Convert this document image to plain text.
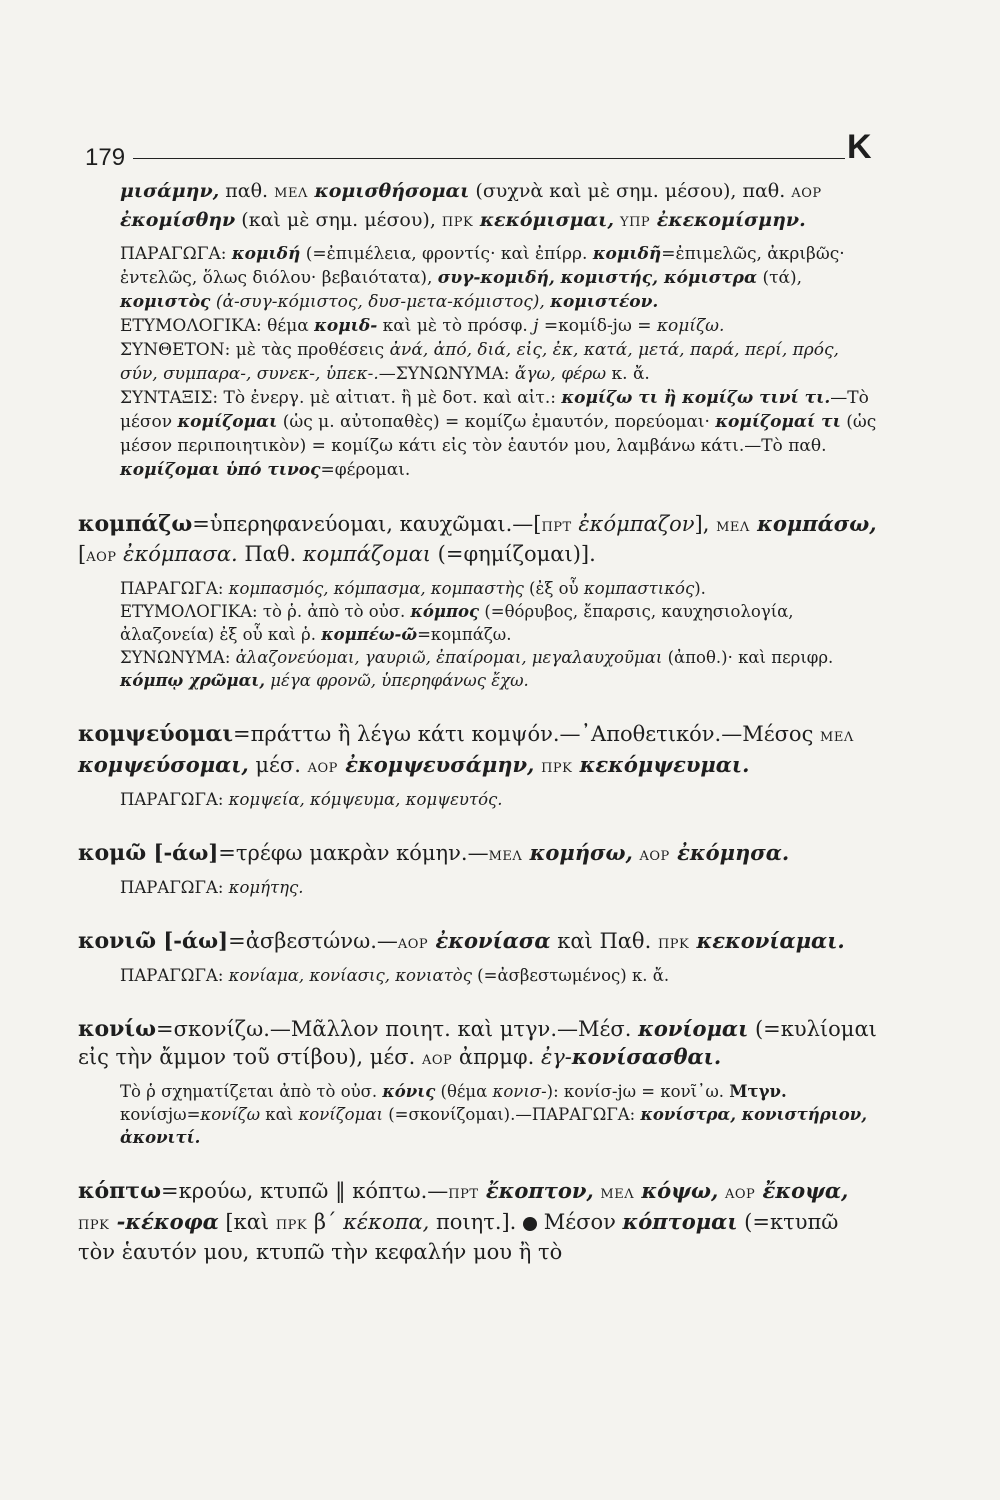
179	K

μισάμην, παθ. ΜΕΛ κομισθήσομαι (συχνὰ καὶ μὲ σημ. μέσου), παθ. ΑΟΡ ἐκομίσθην (καὶ μὲ σημ. μέσου), ΠΡΚ κεκόμισμαι, ΥΠΡ ἐκεκομίσμην.

ΠΑΡΑΓΩΓΑ: κομιδή (=ἐπιμέλεια, φροντίς· καὶ ἐπίρρ. κομιδῆ=ἐπιμελῶς, ἀκριβῶς· ἐντελῶς, ὅλως διόλου· βεβαιότατα), συγ-κομιδή, κομιστής, κόμιστρα (τά), κομιστὸς (ἀ-συγ-κόμιστος, δυσ-μετα-κόμιστος), κομιστέον.

ΕΤΥΜΟΛΟΓΙΚΑ: θέμα κομιδ- καὶ μὲ τὸ πρόσφ. j =κομίδ-jω = κομίζω.

ΣΥΝΘΕΤΟΝ: μὲ τὰς προθέσεις ἀνά, ἀπό, διά, εἰς, ἐκ, κατά, μετά, παρά, περί, πρός, σύν, συμπαρα-, συνεκ-, ὑπεκ-.—ΣΥΝΩΝΥΜΑ: ἄγω, φέρω κ. ἄ.

ΣΥΝΤΑΞΙΣ: Τὸ ἐνεργ. μὲ αἰτιατ. ἢ μὲ δοτ. καὶ αἰτ.: κομίζω τι ἢ κομίζω τινί τι.—Τὸ μέσον κομίζομαι (ὡς μ. αὐτοπαθὲς) = κομίζω ἐμαυτόν, πορεύομαι· κομίζομαί τι (ὡς μέσον περιποιητικὸν) = κομίζω κάτι εἰς τὸν ἑαυτόν μου, λαμβάνω κάτι.—Τὸ παθ. κομίζομαι ὑπό τινος=φέρομαι.

κομπάζω=ὑπερηφανεύομαι, καυχῶμαι.—[ΠΡΤ ἐκόμπαζον], ΜΕΛ κομπάσω, [ΑΟΡ ἐκόμπασα. Παθ. κομπάζομαι (=φημίζομαι)].

ΠΑΡΑΓΩΓΑ: κομπασμός, κόμπασμα, κομπαστὴς (ἐξ οὗ κομπαστικός).

ΕΤΥΜΟΛΟΓΙΚΑ: τὸ ῥ. ἀπὸ τὸ οὐσ. κόμπος (=θόρυβος, ἔπαρσις, καυχησιολογία, ἀλαζονεία) ἐξ οὗ καὶ ῥ. κομπέω-ῶ=κομπάζω.

ΣΥΝΩΝΥΜΑ: ἀλαζονεύομαι, γαυριῶ, ἐπαίρομαι, μεγαλαυχοῦμαι (ἀποθ.)· καὶ περιφρ. κόμπῳ χρῶμαι, μέγα φρονῶ, ὑπερηφάνως ἔχω.

κομψεύομαι=πράττω ἢ λέγω κάτι κομψόν.—᾿Αποθετικόν.—Μέσος ΜΕΛ κομψεύσομαι, μέσ. ΑΟΡ ἐκομψευσάμην, ΠΡΚ κεκόμψευμαι.

ΠΑΡΑΓΩΓΑ: κομψεία, κόμψευμα, κομψευτός.

κομῶ [-άω]=τρέφω μακρὰν κόμην.—ΜΕΛ κομήσω, ΑΟΡ ἐκόμησα.

ΠΑΡΑΓΩΓΑ: κομήτης.

κονιῶ [-άω]=ἀσβεστώνω.—ΑΟΡ ἐκονίασα καὶ Παθ. ΠΡΚ κεκονίαμαι.

ΠΑΡΑΓΩΓΑ: κονίαμα, κονίασις, κονιατὸς (=ἀσβεστωμένος) κ. ἄ.

κονίω=σκονίζω.—Μᾶλλον ποιητ. καὶ μτγν.—Μέσ. κονίομαι (=κυλίομαι εἰς τὴν ἄμμον τοῦ στίβου), μέσ. ΑΟΡ ἀπρμφ. ἐγ-κονίσασθαι.

Τὸ ῥ σχηματίζεται ἀπὸ τὸ οὐσ. κόνις (θέμα κονισ-): κονίσ-jω = κονῖ᾽ω. Μτγν. κονίσjω=κονίζω καὶ κονίζομαι (=σκονίζομαι).—ΠΑΡΑΓΩΓΑ: κονίστρα, κονιστήριον, ἀκονιτί.

κόπτω=κρούω, κτυπῶ ‖ κόπτω.—ΠΡΤ ἔκοπτον, ΜΕΛ κόψω, ΑΟΡ ἔκοψα, ΠΡΚ -κέκοφα [καὶ ΠΡΚ β΄ κέκοπα, ποιητ.].  Μέσον κόπτομαι (=κτυπῶ τὸν ἑαυτόν μου, κτυπῶ τὴν κεφαλήν μου ἢ τὸ
